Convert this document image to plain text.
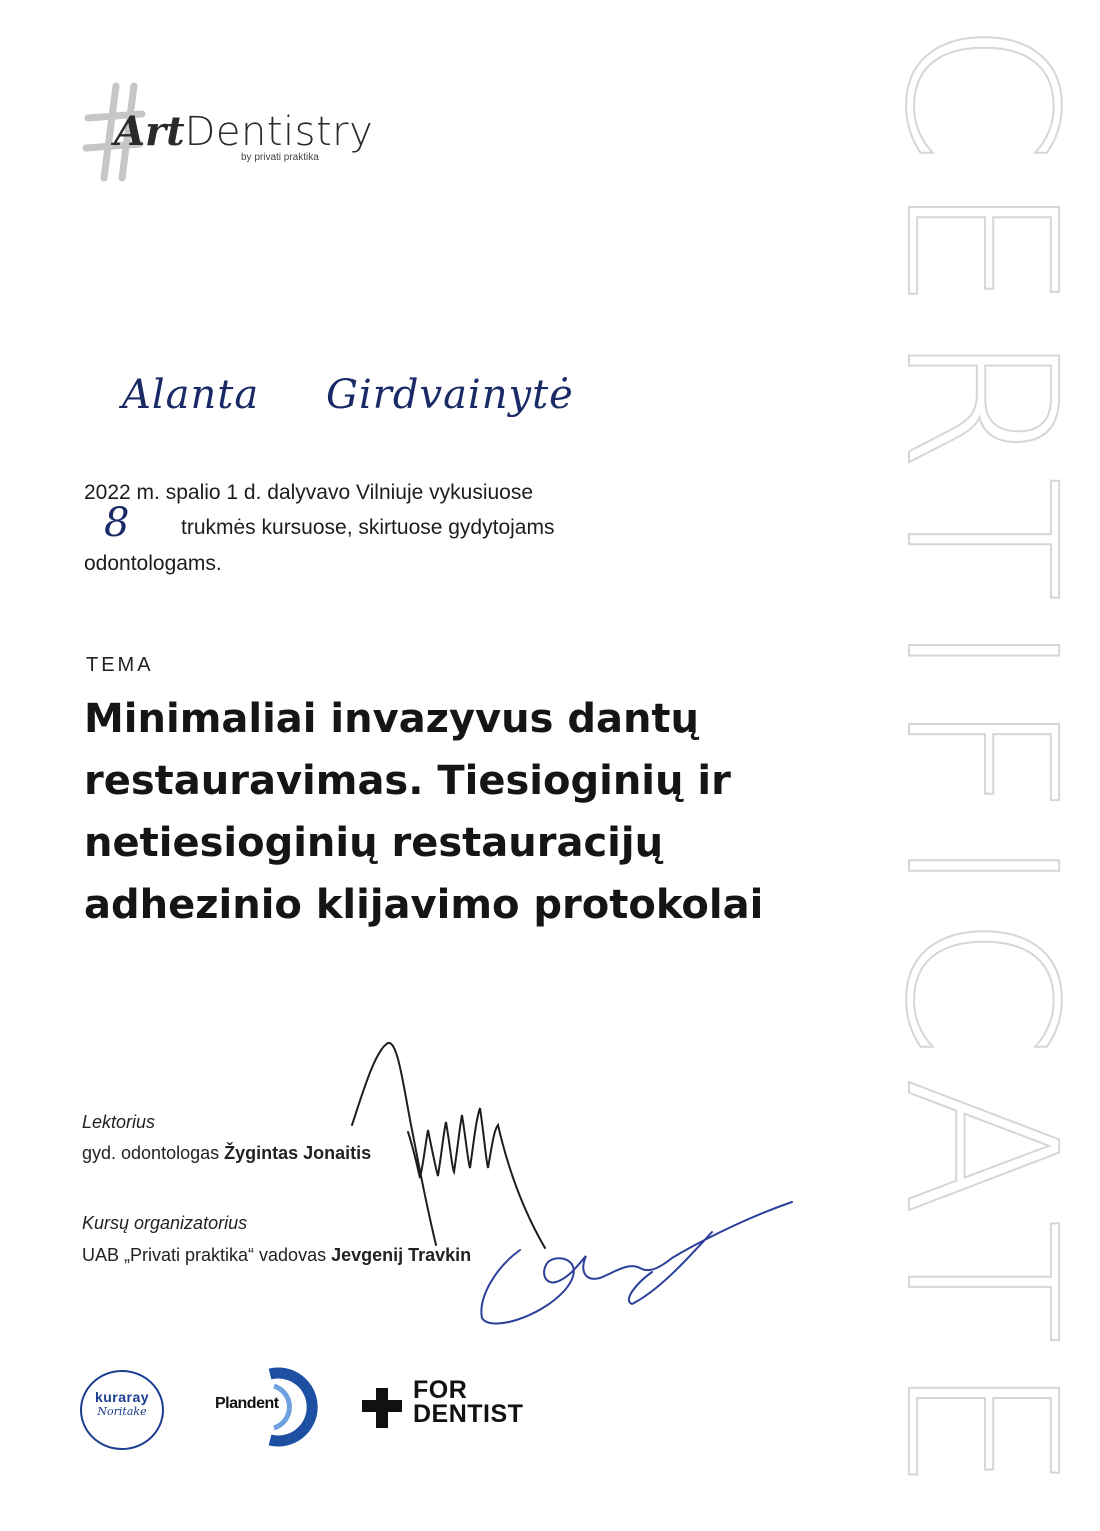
CERTIFICATE
ArtDentistry
by privati praktika
Alanta Girdvainytė
2022 m. spalio 1 d. dalyvavo Vilniuje vykusiuose
8 trukmės kursuose, skirtuose gydytojams
odontologams.
TEMA
Minimaliai invazyvus dantų
restauravimas. Tiesioginių ir
netiesioginių restauracijų
adhezinio klijavimo protokolai
Lektorius
gyd. odontologas Žygintas Jonaitis
Kursų organizatorius
UAB „Privati praktika“ vadovas Jevgenij Travkin
kuraray
Noritake	Plandent	FOR
DENTIST
